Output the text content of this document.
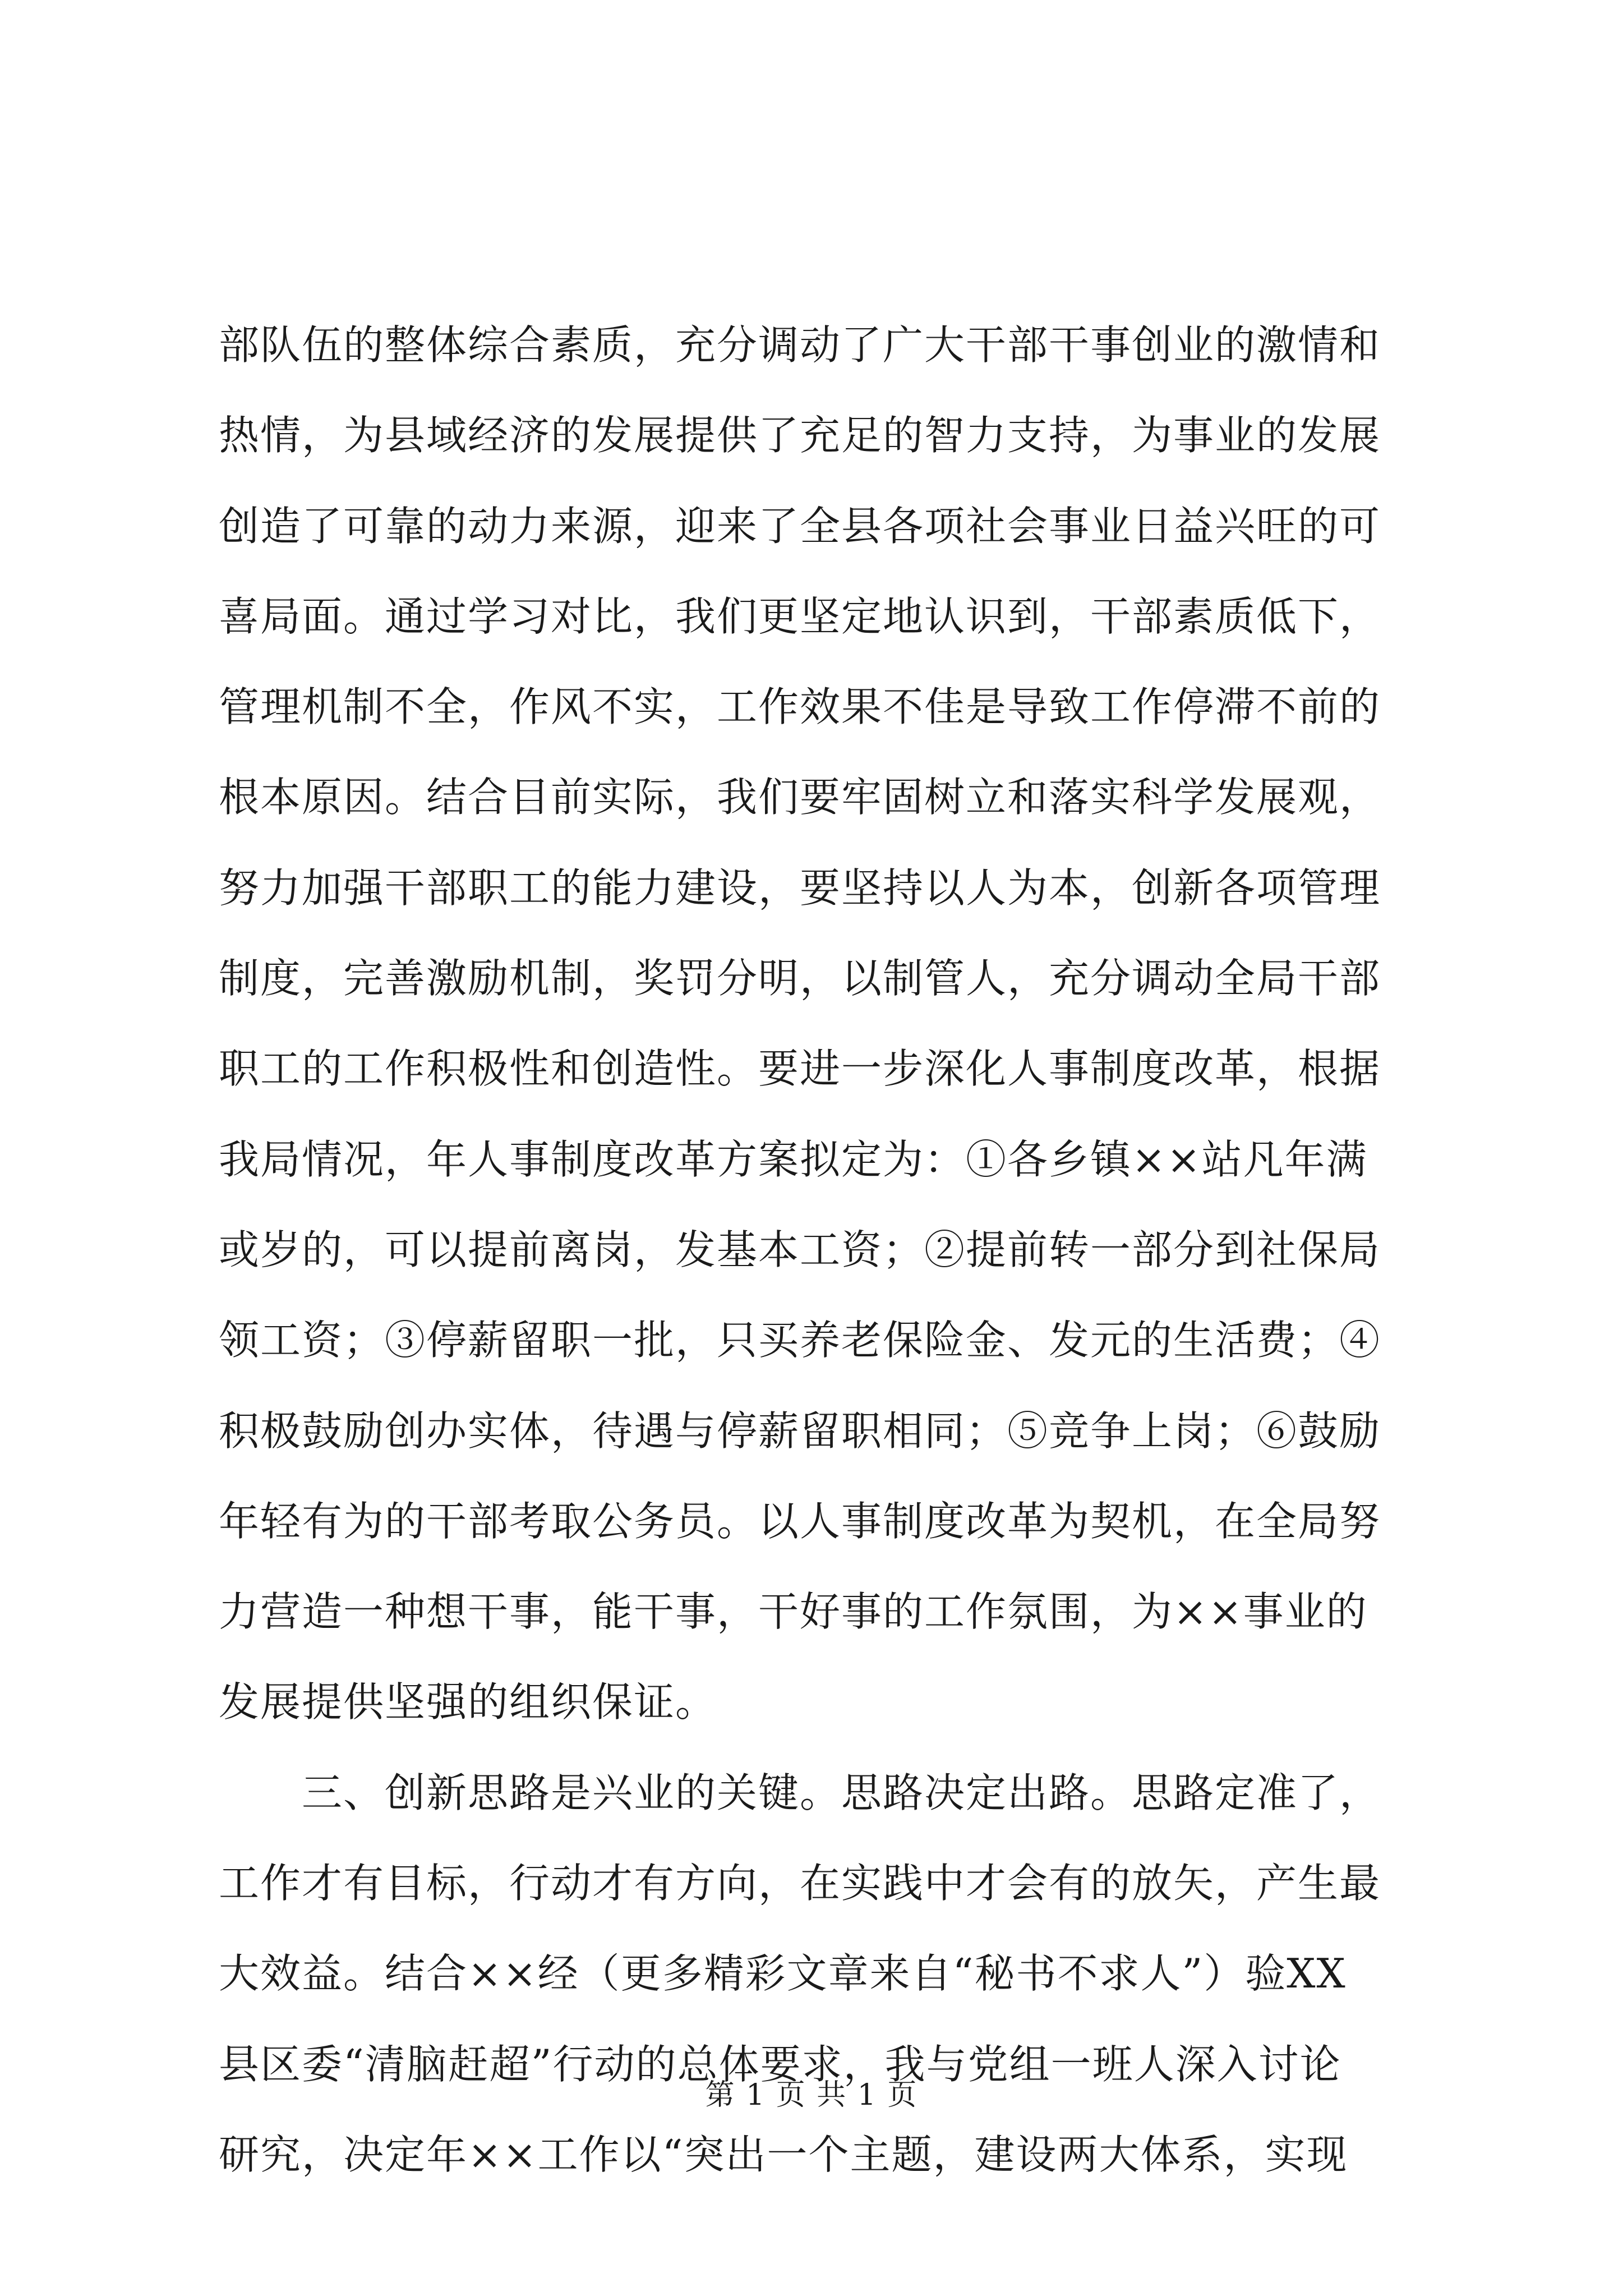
部队伍的整体综合素质，充分调动了广大干部干事创业的激情和
热情，为县域经济的发展提供了充足的智力支持，为事业的发展
创造了可靠的动力来源，迎来了全县各项社会事业日益兴旺的可
喜局面。通过学习对比，我们更坚定地认识到，干部素质低下，
管理机制不全，作风不实，工作效果不佳是导致工作停滞不前的
根本原因。结合目前实际，我们要牢固树立和落实科学发展观，
努力加强干部职工的能力建设，要坚持以人为本，创新各项管理
制度，完善激励机制，奖罚分明，以制管人，充分调动全局干部
职工的工作积极性和创造性。要进一步深化人事制度改革，根据
我局情况，年人事制度改革方案拟定为：①各乡镇××站凡年满
或岁的，可以提前离岗，发基本工资；②提前转一部分到社保局
领工资；③停薪留职一批，只买养老保险金、发元的生活费；④
积极鼓励创办实体，待遇与停薪留职相同；⑤竞争上岗；⑥鼓励
年轻有为的干部考取公务员。以人事制度改革为契机，在全局努
力营造一种想干事，能干事，干好事的工作氛围，为××事业的
发展提供坚强的组织保证。
　　三、创新思路是兴业的关键。思路决定出路。思路定准了，
工作才有目标，行动才有方向，在实践中才会有的放矢，产生最
大效益。结合××经（更多精彩文章来自“秘书不求人”）验XX
县区委“清脑赶超”行动的总体要求，我与党组一班人深入讨论
研究，决定年××工作以“突出一个主题，建设两大体系，实现
第 1 页 共 1 页
